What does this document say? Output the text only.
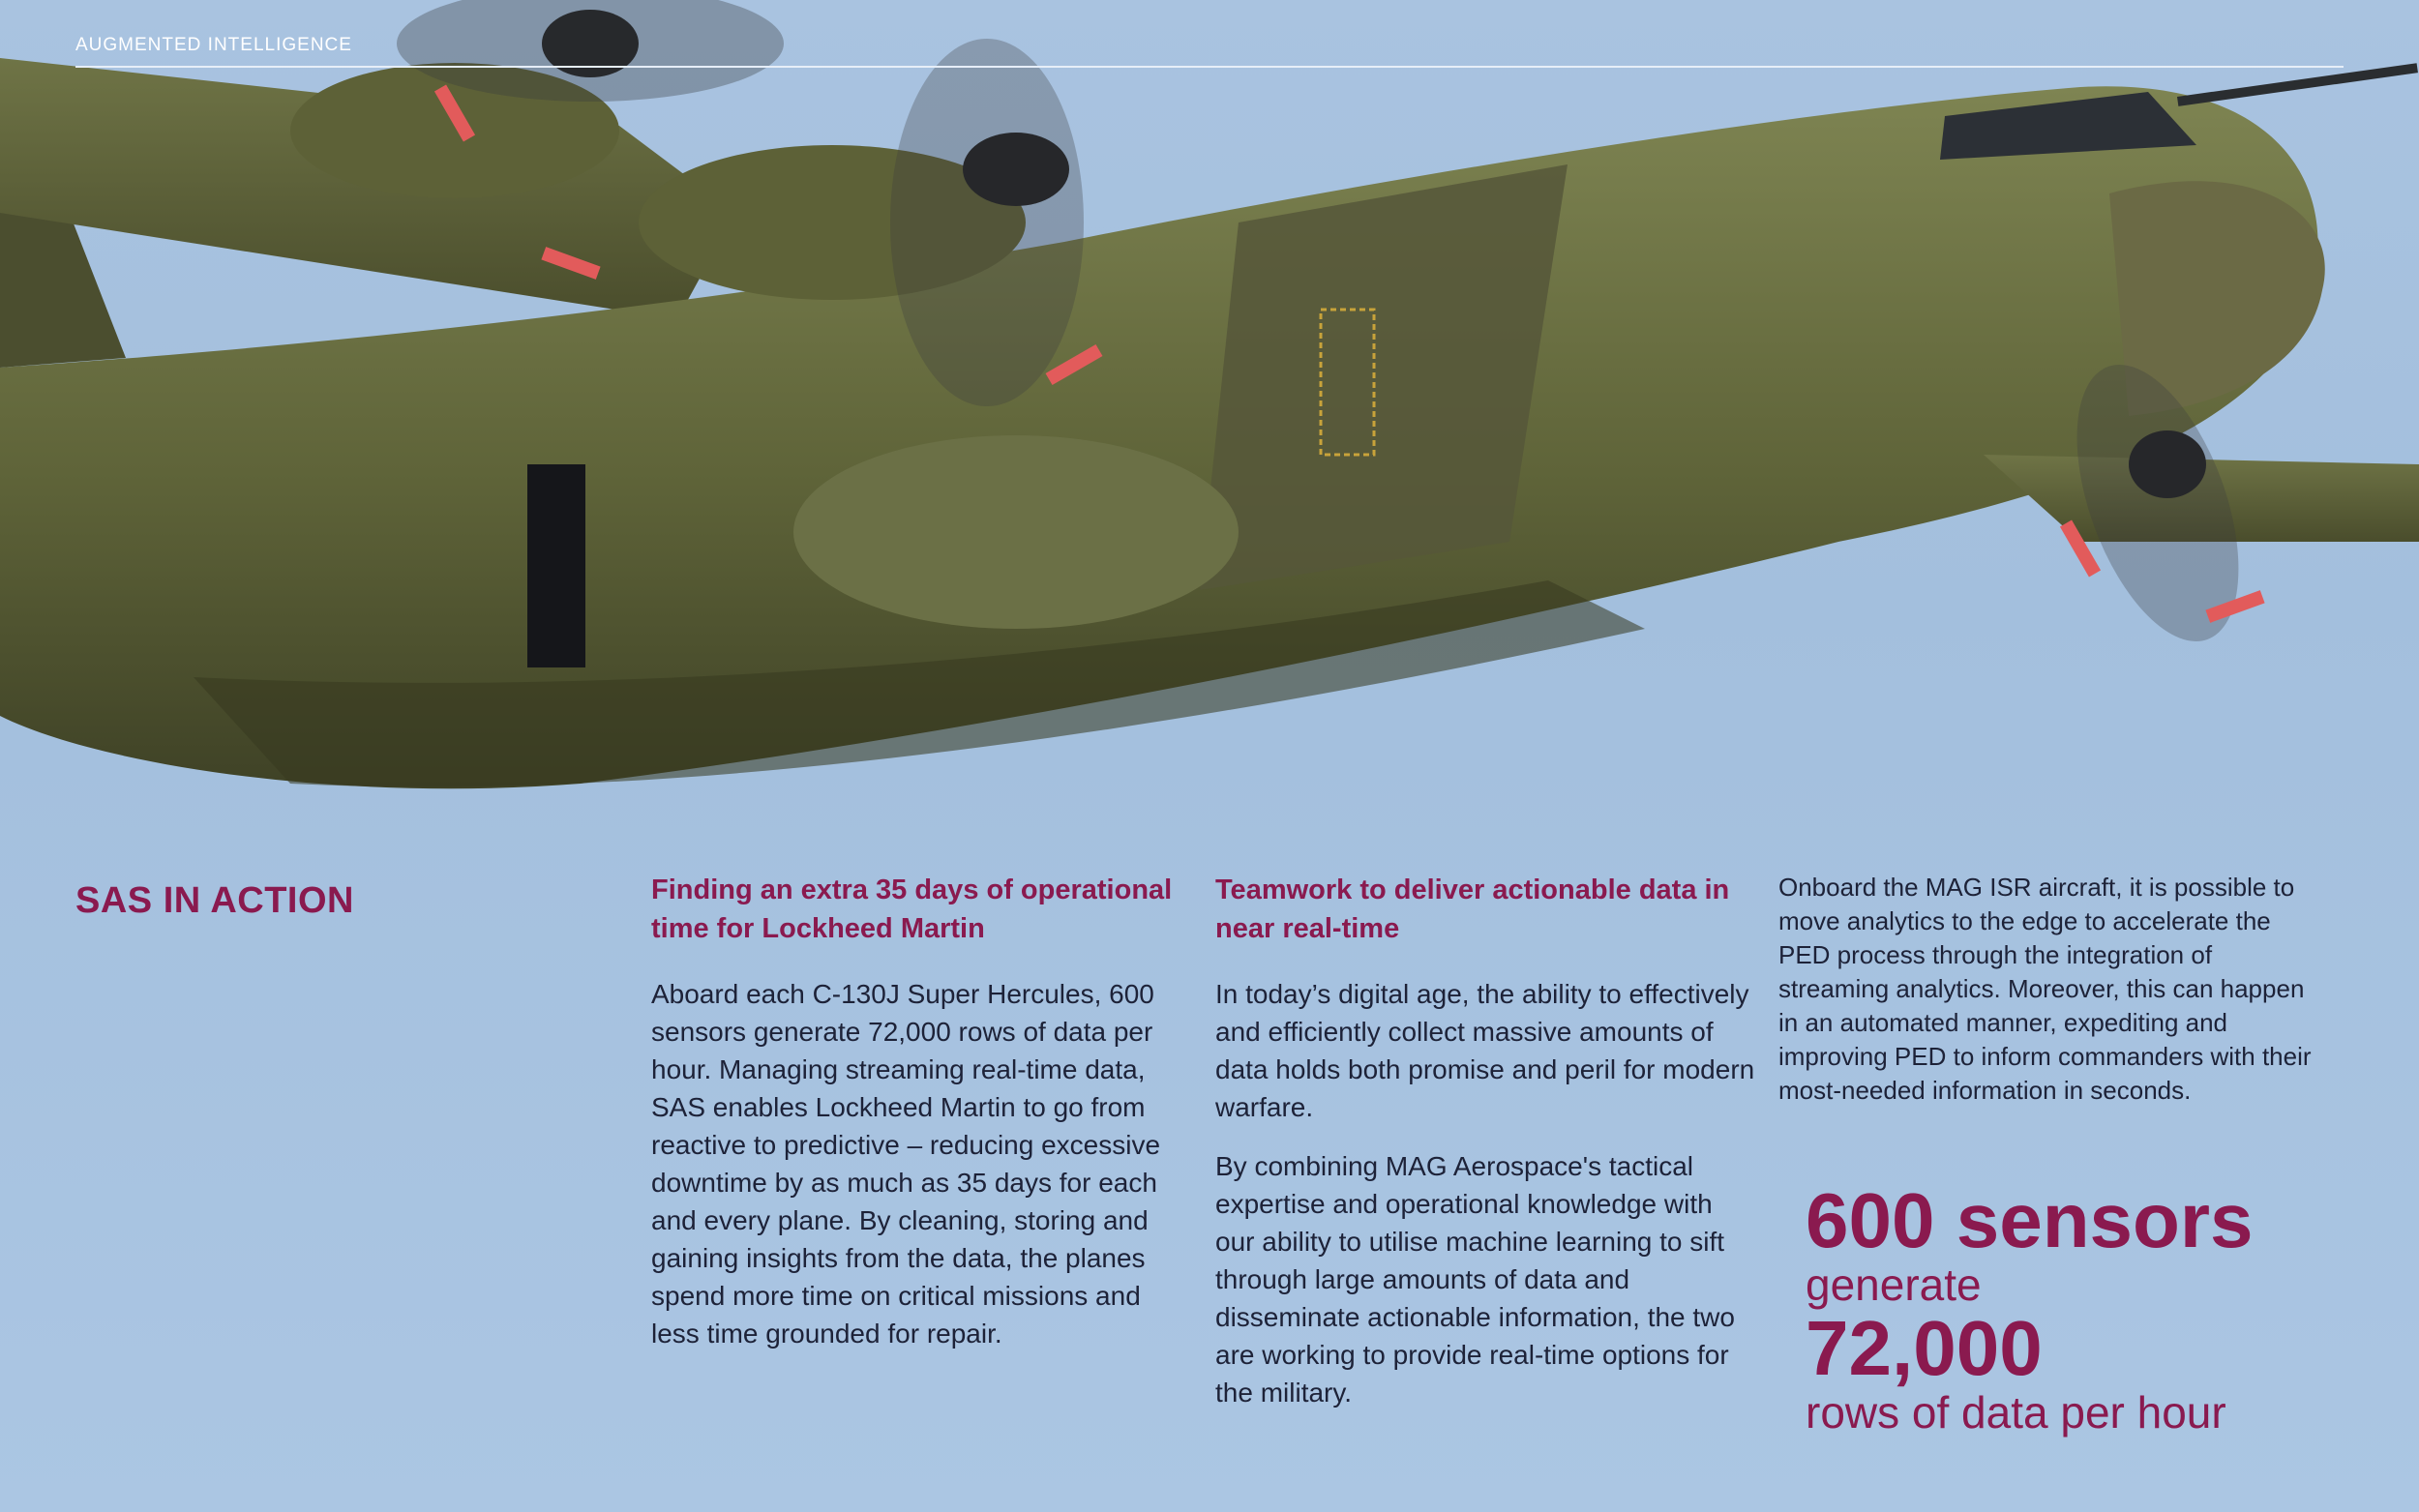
AUGMENTED INTELLIGENCE
SAS IN ACTION	Finding an extra 35 days of operational time for Lockheed Martin

Aboard each C-130J Super Hercules, 600 sensors generate 72,000 rows of data per hour. Managing streaming real-time data, SAS enables Lockheed Martin to go from reactive to predictive – reducing excessive downtime by as much as 35 days for each and every plane. By cleaning, storing and gaining insights from the data, the planes spend more time on critical missions and less time grounded for repair.

Teamwork to deliver actionable data in near real-time

In today’s digital age, the ability to effectively and efficiently collect massive amounts of data holds both promise and peril for modern warfare.

By combining MAG Aerospace's tactical expertise and operational knowledge with our ability to utilise machine learning to sift through large amounts of data and disseminate actionable information, the two are working to provide real-time options for the military.

Onboard the MAG ISR aircraft, it is possible to move analytics to the edge to accelerate the PED process through the integration of streaming analytics. Moreover, this can happen in an automated manner, expediting and improving PED to inform commanders with their most-needed information in seconds.

600 sensors
generate
72,000
rows of data per hour
